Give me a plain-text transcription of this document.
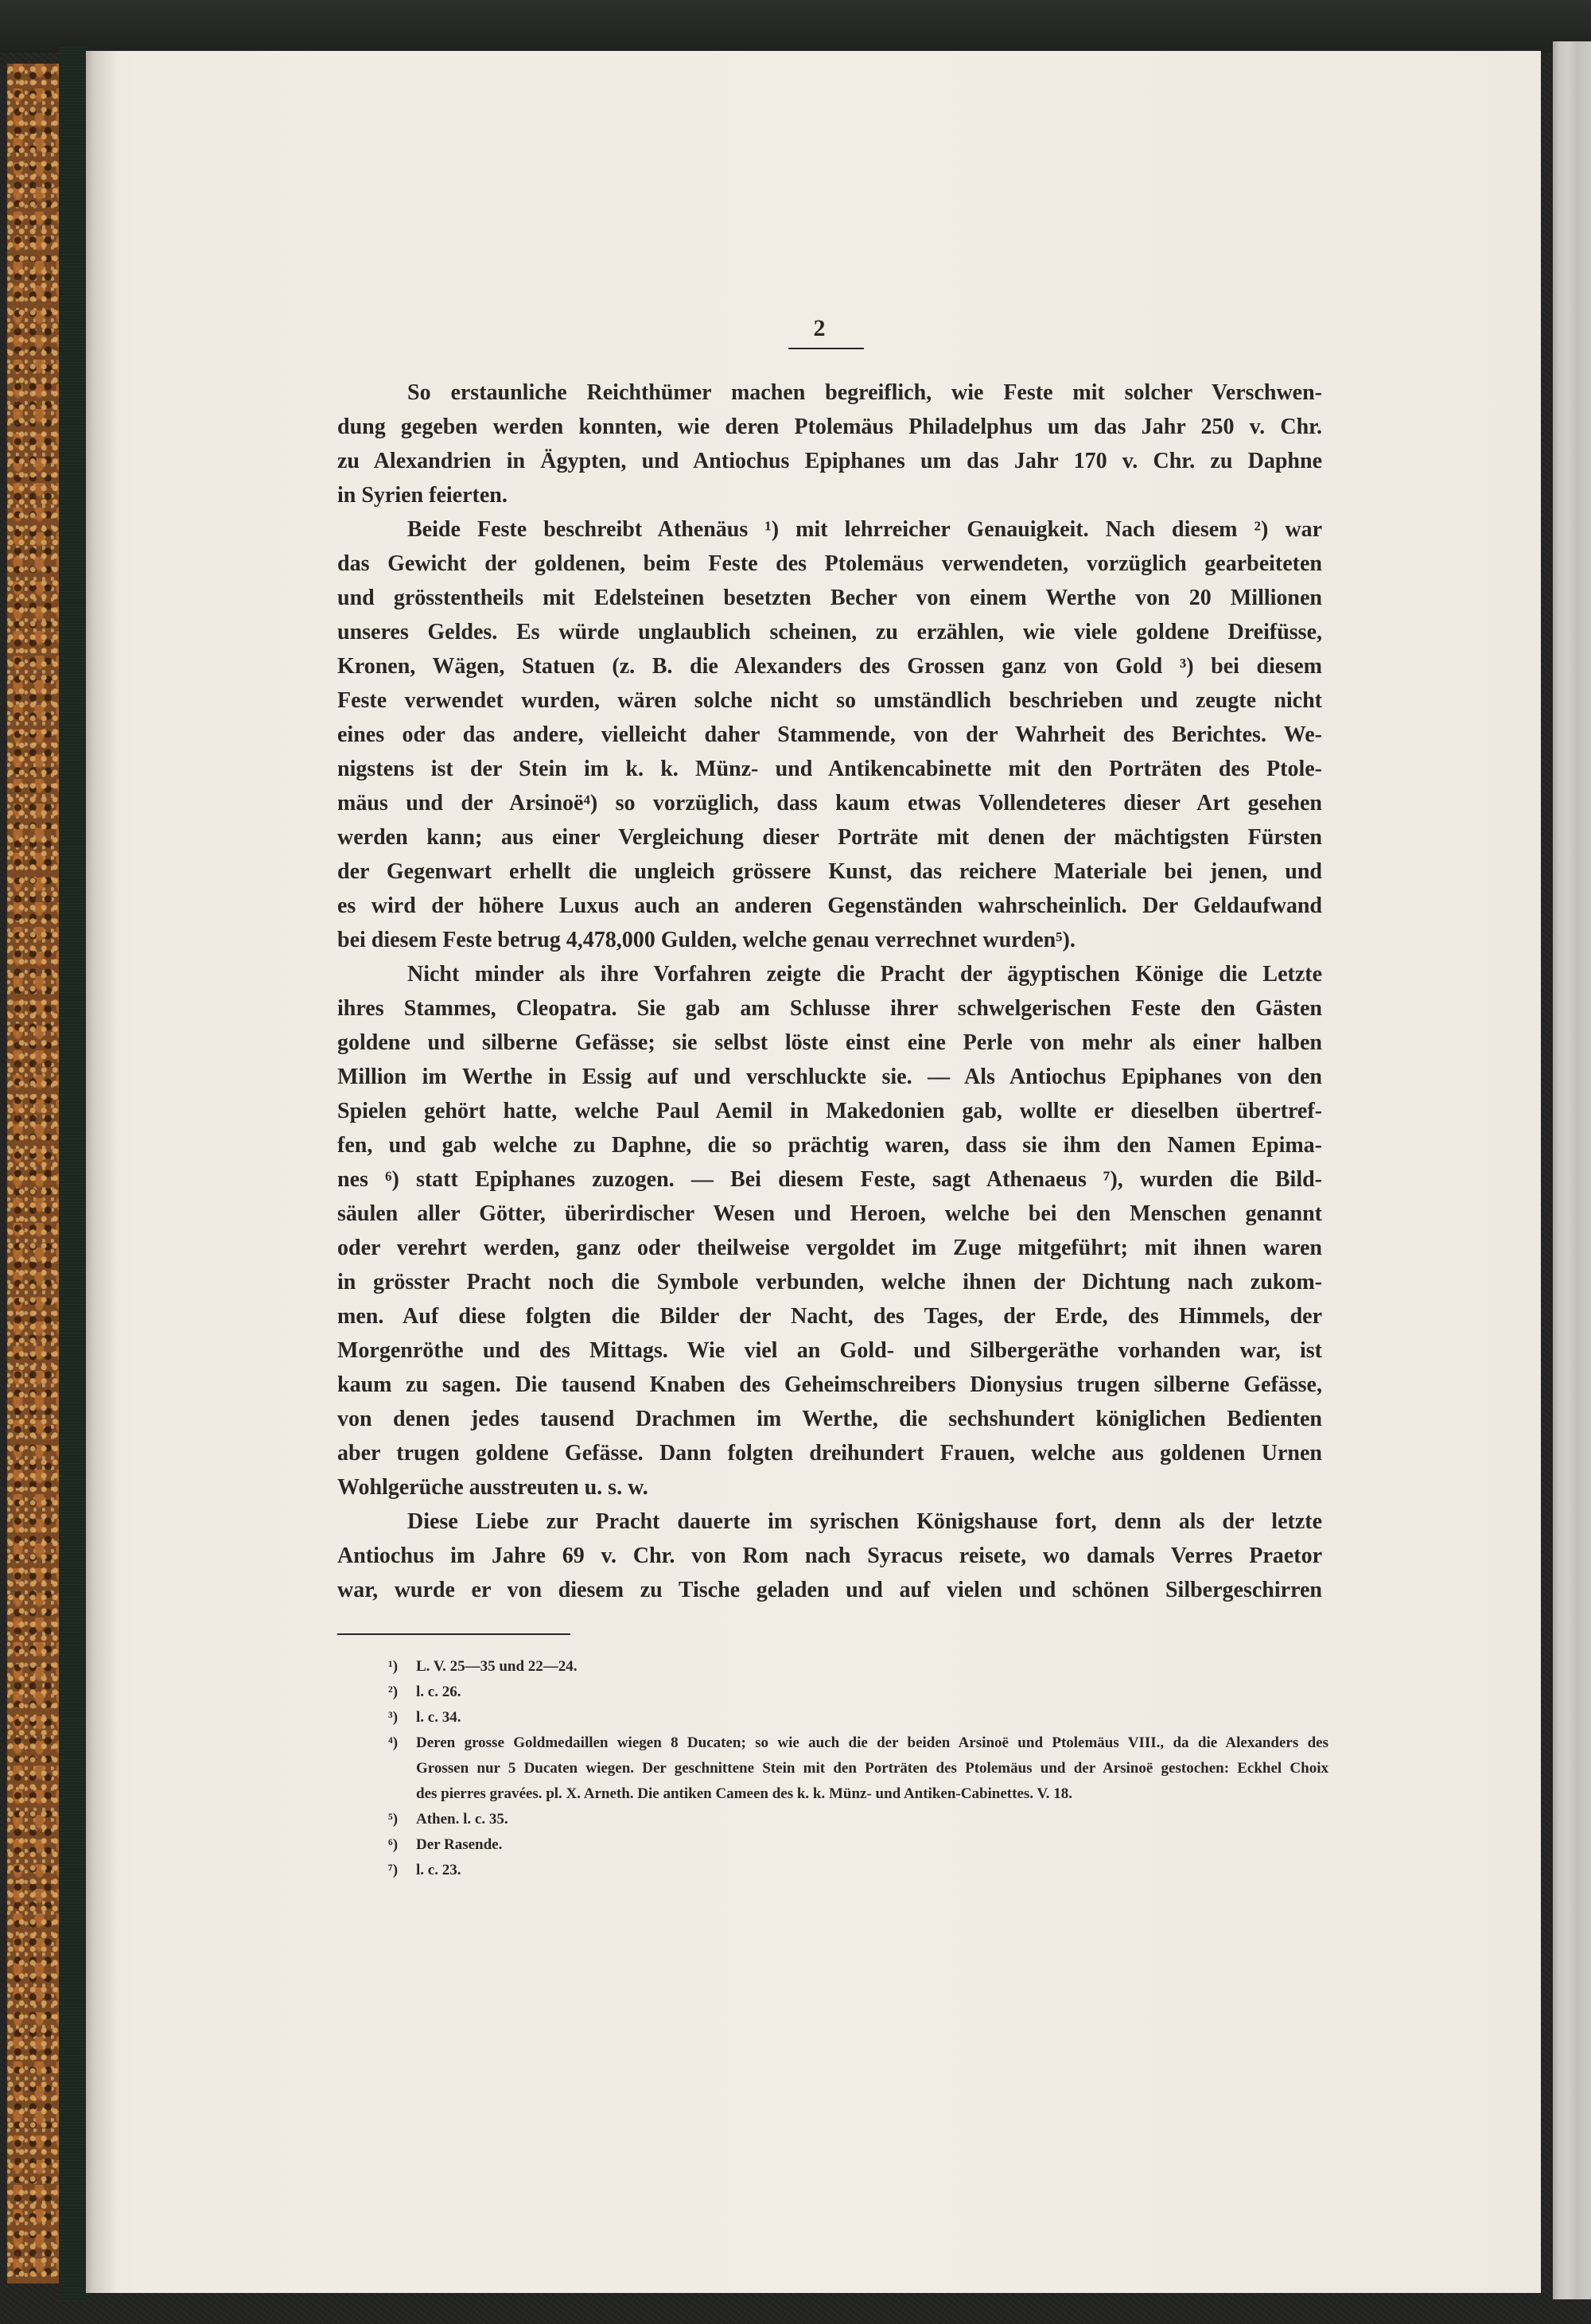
2
So erstaunliche Reichthümer machen begreiflich, wie Feste mit solcher Verschwen-
dung gegeben werden konnten, wie deren Ptolemäus Philadelphus um das Jahr 250 v. Chr.
zu Alexandrien in Ägypten, und Antiochus Epiphanes um das Jahr 170 v. Chr. zu Daphne
in Syrien feierten.
Beide Feste beschreibt Athenäus ¹) mit lehrreicher Genauigkeit. Nach diesem ²) war
das Gewicht der goldenen, beim Feste des Ptolemäus verwendeten, vorzüglich gearbeiteten
und grösstentheils mit Edelsteinen besetzten Becher von einem Werthe von 20 Millionen
unseres Geldes. Es würde unglaublich scheinen, zu erzählen, wie viele goldene Dreifüsse,
Kronen, Wägen, Statuen (z. B. die Alexanders des Grossen ganz von Gold ³) bei diesem
Feste verwendet wurden, wären solche nicht so umständlich beschrieben und zeugte nicht
eines oder das andere, vielleicht daher Stammende, von der Wahrheit des Berichtes. We-
nigstens ist der Stein im k. k. Münz- und Antikencabinette mit den Porträten des Ptole-
mäus und der Arsinoë⁴) so vorzüglich, dass kaum etwas Vollendeteres dieser Art gesehen
werden kann; aus einer Vergleichung dieser Porträte mit denen der mächtigsten Fürsten
der Gegenwart erhellt die ungleich grössere Kunst, das reichere Materiale bei jenen, und
es wird der höhere Luxus auch an anderen Gegenständen wahrscheinlich. Der Geldaufwand
bei diesem Feste betrug 4,478,000 Gulden, welche genau verrechnet wurden⁵).
Nicht minder als ihre Vorfahren zeigte die Pracht der ägyptischen Könige die Letzte
ihres Stammes, Cleopatra. Sie gab am Schlusse ihrer schwelgerischen Feste den Gästen
goldene und silberne Gefässe; sie selbst löste einst eine Perle von mehr als einer halben
Million im Werthe in Essig auf und verschluckte sie. — Als Antiochus Epiphanes von den
Spielen gehört hatte, welche Paul Aemil in Makedonien gab, wollte er dieselben übertref-
fen, und gab welche zu Daphne, die so prächtig waren, dass sie ihm den Namen Epima-
nes ⁶) statt Epiphanes zuzogen. — Bei diesem Feste, sagt Athenaeus ⁷), wurden die Bild-
säulen aller Götter, überirdischer Wesen und Heroen, welche bei den Menschen genannt
oder verehrt werden, ganz oder theilweise vergoldet im Zuge mitgeführt; mit ihnen waren
in grösster Pracht noch die Symbole verbunden, welche ihnen der Dichtung nach zukom-
men. Auf diese folgten die Bilder der Nacht, des Tages, der Erde, des Himmels, der
Morgenröthe und des Mittags. Wie viel an Gold- und Silbergeräthe vorhanden war, ist
kaum zu sagen. Die tausend Knaben des Geheimschreibers Dionysius trugen silberne Gefässe,
von denen jedes tausend Drachmen im Werthe, die sechshundert königlichen Bedienten
aber trugen goldene Gefässe. Dann folgten dreihundert Frauen, welche aus goldenen Urnen
Wohlgerüche ausstreuten u. s. w.
Diese Liebe zur Pracht dauerte im syrischen Königshause fort, denn als der letzte
Antiochus im Jahre 69 v. Chr. von Rom nach Syracus reisete, wo damals Verres Praetor
war, wurde er von diesem zu Tische geladen und auf vielen und schönen Silbergeschirren
¹) L. V. 25—35 und 22—24.
²) l. c. 26.
³) l. c. 34.
⁴) Deren grosse Goldmedaillen wiegen 8 Ducaten; so wie auch die der beiden Arsinoë und Ptolemäus VIII., da die Alexanders des
Grossen nur 5 Ducaten wiegen. Der geschnittene Stein mit den Porträten des Ptolemäus und der Arsinoë gestochen: Eckhel Choix
des pierres gravées. pl. X. Arneth. Die antiken Cameen des k. k. Münz- und Antiken-Cabinettes. V. 18.
⁵) Athen. l. c. 35.
⁶) Der Rasende.
⁷) l. c. 23.
